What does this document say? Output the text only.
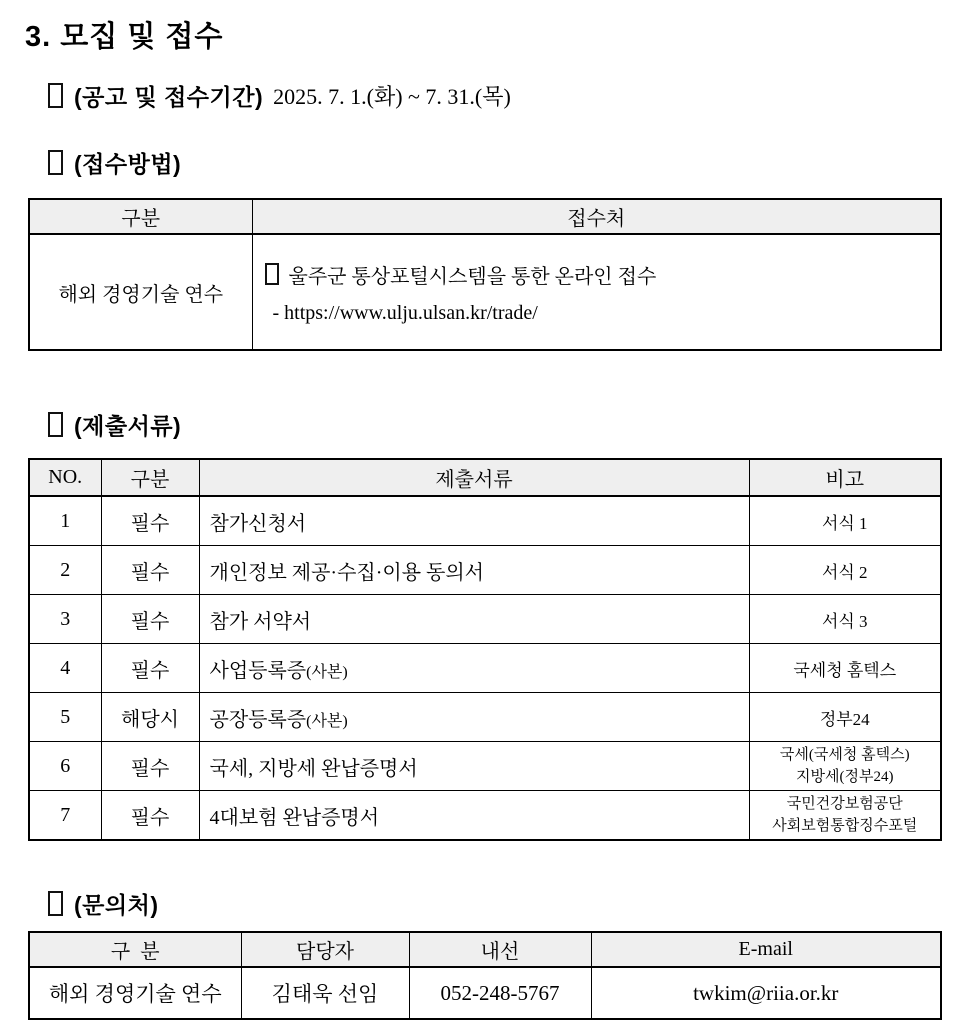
3. 모집 및 접수
(공고 및 접수기간) 2025. 7. 1.(화) ~ 7. 31.(목)
(접수방법)
구분	접수처
해외 경영기술 연수	울주군 통상포털시스템을 통한 온라인 접수
- https://www.ulju.ulsan.kr/trade/
(제출서류)
NO.	구분	제출서류	비고
1	필수	참가신청서	서식 1
2	필수	개인정보 제공·수집·이용 동의서	서식 2
3	필수	참가 서약서	서식 3
4	필수	사업등록증(사본)	국세청 홈텍스
5	해당시	공장등록증(사본)	정부24
6	필수	국세, 지방세 완납증명서	국세(국세청 홈텍스)
지방세(정부24)

7	필수	4대보험 완납증명서	국민건강보험공단
사회보험통합징수포털
(문의처)
구  분	담당자	내선	E-mail
해외 경영기술 연수	김태욱 선임	052-248-5767	twkim@riia.or.kr
